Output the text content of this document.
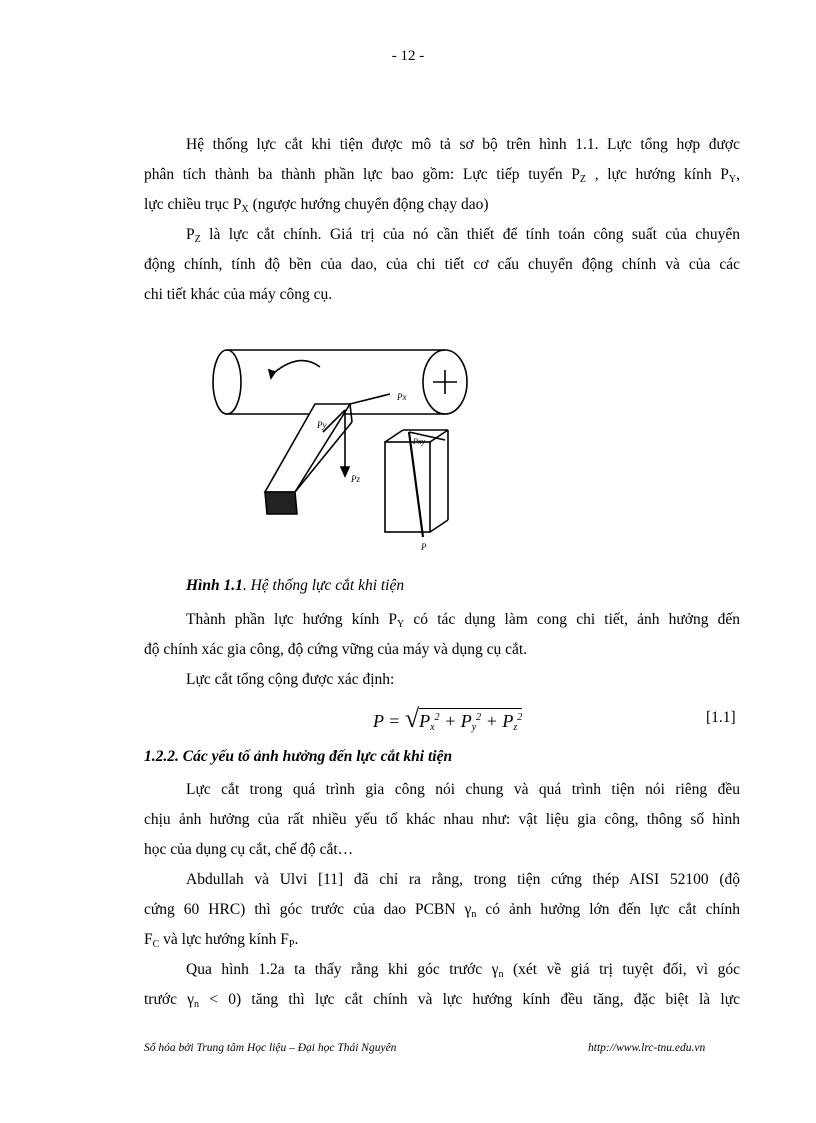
- 12 -
Hệ thống lực cắt khi tiện được mô tả sơ bộ trên hình 1.1. Lực tổng hợp được
phân tích thành ba thành phần lực bao gồm: Lực tiếp tuyến $P_Z$ , lực hướng kính $P_Y$,
lực chiều trục $P_X$ (ngược hướng chuyển động chạy dao)
$P_Z$ là lực cắt chính. Giá trị của nó cần thiết để tính toán công suất của chuyển
động chính, tính độ bền của dao, của chi tiết cơ cấu chuyển động chính và của các
chi tiết khác của máy công cụ.
Px
Py
Pz
Pxy
P
Hình 1.1. Hệ thống lực cắt khi tiện
Thành phần lực hướng kính $P_Y$ có tác dụng làm cong chi tiết, ảnh hưởng đến
độ chính xác gia công, độ cứng vững của máy và dụng cụ cắt.
Lực cắt tổng cộng được xác định:
$P = √P_x^2 + P_y^2 + P_z^2$	[1.1]
1.2.2. Các yếu tố ảnh hưởng đến lực cắt khi tiện
Lực cắt trong quá trình gia công nói chung và quá trình tiện nói riêng đều
chịu ảnh hưởng của rất nhiều yếu tố khác nhau như: vật liệu gia công, thông số hình
học của dụng cụ cắt, chế độ cắt…
Abdullah và Ulvi [11] đã chỉ ra rằng, trong tiện cứng thép AISI 52100 (độ
cứng 60 HRC) thì góc trước của dao PCBN $\gamma_n$ có ảnh hưởng lớn đến lực cắt chính
$F_C$ và lực hướng kính $F_P$.
Qua hình 1.2a ta thấy rằng khi góc trước $\gamma_n$ (xét về giá trị tuyệt đối, vì góc
trước $\gamma_n < 0$) tăng thì lực cắt chính và lực hướng kính đều tăng, đặc biệt là lực
Số hóa bởi Trung tâm Học liệu – Đại học Thái Nguyên	http://www.lrc-tnu.edu.vn
